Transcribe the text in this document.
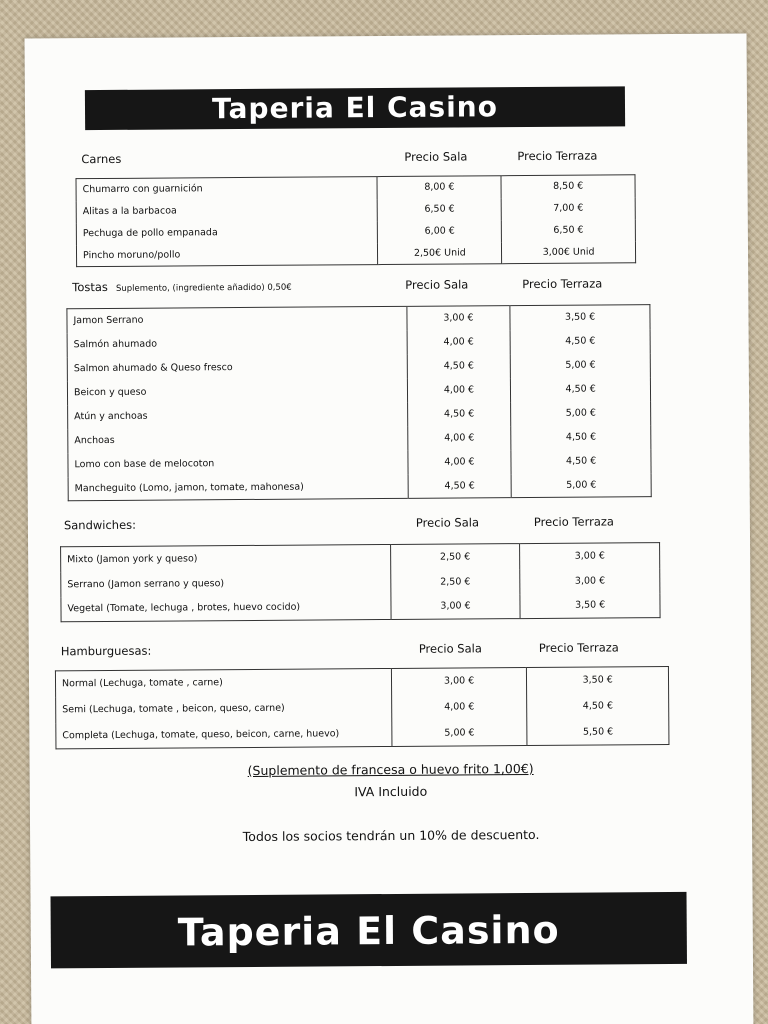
Taperia El Casino
Carnes	Precio Sala	Precio Terraza
Chumarro con guarnición	8,00 €	8,50 €
Alitas a la barbacoa	6,50 €	7,00 €
Pechuga de pollo empanada	6,00 €	6,50 €
Pincho moruno/pollo	2,50€ Unid	3,00€ Unid
Tostas Suplemento, (ingrediente añadido) 0,50€	Precio Sala	Precio Terraza
Jamon Serrano	3,00 €	3,50 €
Salmón ahumado	4,00 €	4,50 €
Salmon ahumado & Queso fresco	4,50 €	5,00 €
Beicon y queso	4,00 €	4,50 €
Atún y anchoas	4,50 €	5,00 €
Anchoas	4,00 €	4,50 €
Lomo con base de melocoton	4,00 €	4,50 €
Mancheguito (Lomo, jamon, tomate, mahonesa)	4,50 €	5,00 €
Sandwiches:	Precio Sala	Precio Terraza
Mixto (Jamon york y queso)	2,50 €	3,00 €
Serrano (Jamon serrano y queso)	2,50 €	3,00 €
Vegetal (Tomate, lechuga , brotes, huevo cocido)	3,00 €	3,50 €
Hamburguesas:	Precio Sala	Precio Terraza
Normal (Lechuga, tomate , carne)	3,00 €	3,50 €
Semi (Lechuga, tomate , beicon, queso, carne)	4,00 €	4,50 €
Completa (Lechuga, tomate, queso, beicon, carne, huevo)	5,00 €	5,50 €
(Suplemento de francesa o huevo frito 1,00€)
IVA Incluido
Todos los socios tendrán un 10% de descuento.
Taperia El Casino
